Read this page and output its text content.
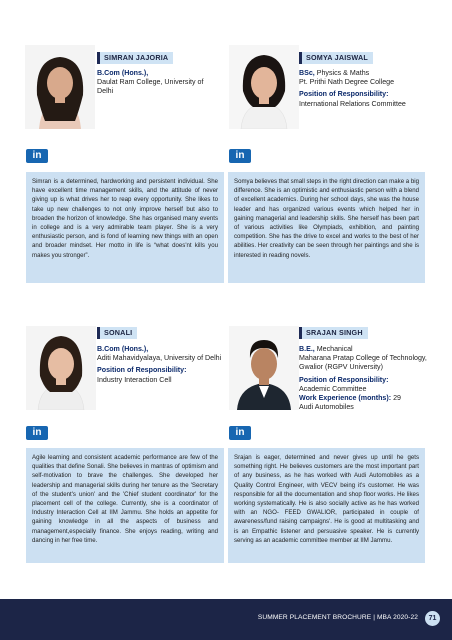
SIMRAN JAJORIA
B.Com (Hons.),
Daulat Ram College, University of Delhi
in
Simran is a determined, hardworking and persistent individual. She have excellent time management skills, and the attitude of never giving up is what drives her to reap every opportunity. She likes to take up new challenges to not only improve herself but also to broaden the horizon of knowledge. She has organised many events in college and is a very admirable team player. She is a very enthusiastic person, and is fond of learning new things with an open and broader mindset. Her motto in life is “what does'nt kills you makes you stronger”.
SOMYA JAISWAL
BSc, Physics & Maths
Pt. Prithi Nath Degree College
Position of Responsibility:
International Relations Committee
in
Somya believes that small steps in the right direction can make a big difference. She is an optimistic and enthusiastic person with a blend of excellent academics. During her school days, she was the house leader and has organized various events which helped her in gaining managerial and leadership skills. She herself has been part of various activities like Olympiads, exhibition, and painting competition. She has the drive to excel and works to the best of her abilities. Her creativity can be seen through her paintings and she is interested in reading novels.
SONALI
B.Com (Hons.),
Aditi Mahavidyalaya, University of Delhi
Position of Responsibility:
Industry Interaction Cell
in
Agile learning and consistent academic performance are few of the qualities that define Sonali. She believes in mantras of optimism and self-motivation to brave the challenges. She developed her leadership and managerial skills during her tenure as the 'Secretary of the student's union' and the 'Chief student coordinator' for the placement cell of the college. Currently, she is a coordinator of Industry Interaction Cell at IIM Jammu. She holds an appetite for gaining knowledge in all the aspects of business and management,especially finance. She enjoys reading, writing and dancing in her free time.
SRAJAN SINGH
B.E., Mechanical
Maharana Pratap College of Technology, Gwalior (RGPV University)
Position of Responsibility:
Academic Committee
Work Experience (months): 29
Audi Automobiles
in
Srajan is eager, determined and never gives up until he gets something right. He believes customers are the most important part of any business, as he has worked with Audi Automobiles as a Quality Control Engineer, with VECV being it's customer. He was responsible for all the documentation and shop floor works. He likes working systematically. He is also socially active as he has worked with an NGO- FEED GWALIOR, participated in couple of awareness/fund raising campaigns'. He is good at multitasking and is an Empathic listener and persuasive speaker. He is currently serving as an academic committee member at IIM Jammu.
SUMMER PLACEMENT BROCHURE | MBA 2020-22	71
